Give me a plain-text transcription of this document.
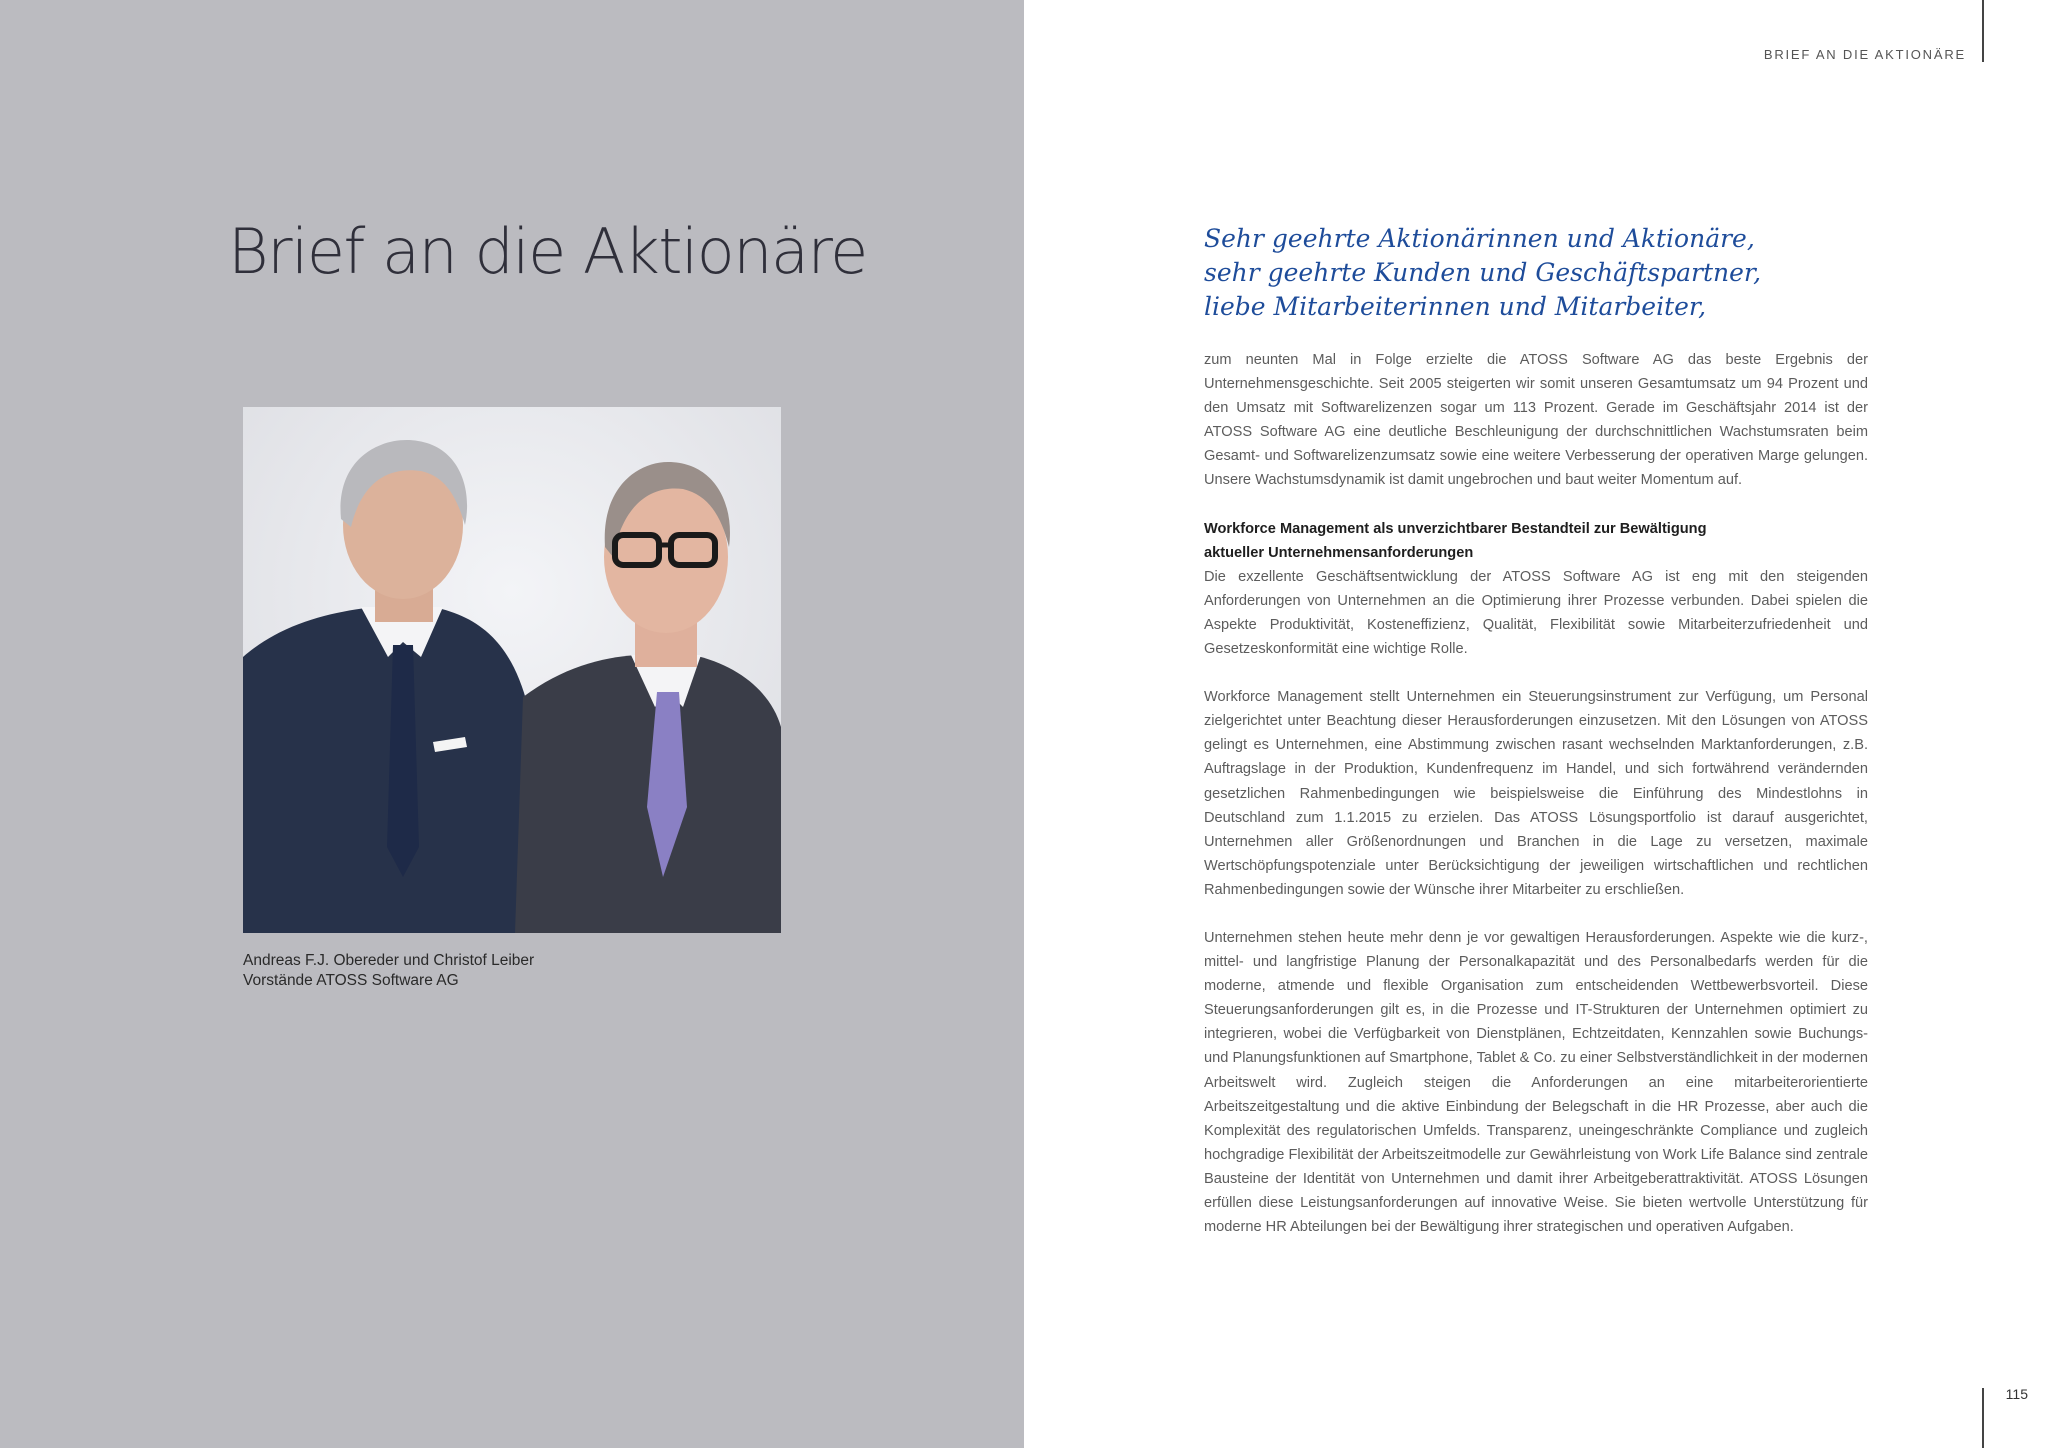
Brief an die Aktionäre
Andreas F.J. Obereder und Christof Leiber
Vorstände ATOSS Software AG
BRIEF AN DIE AKTIONÄRE
Sehr geehrte Aktionärinnen und Aktionäre,
sehr geehrte Kunden und Geschäftspartner,
liebe Mitarbeiterinnen und Mitarbeiter,

zum neunten Mal in Folge erzielte die ATOSS Software AG das beste Ergebnis der Unternehmensgeschichte. Seit 2005 steigerten wir somit unseren Gesamtumsatz um 94 Prozent und den Umsatz mit Softwarelizenzen sogar um 113 Prozent. Gerade im Geschäftsjahr 2014 ist der ATOSS Software AG eine deutliche Beschleunigung der durchschnittlichen Wachstumsraten beim Gesamt- und Softwarelizenzumsatz sowie eine weitere Verbesserung der operativen Marge gelungen. Unsere Wachstumsdynamik ist damit ungebrochen und baut weiter Momentum auf.

Workforce Management als unverzichtbarer Bestandteil zur Bewältigung
aktueller Unternehmensanforderungen

Die exzellente Geschäftsentwicklung der ATOSS Software AG ist eng mit den steigenden Anforderungen von Unternehmen an die Optimierung ihrer Prozesse verbunden. Dabei spielen die Aspekte Produktivität, Kosteneffizienz, Qualität, Flexibilität sowie Mitarbeiterzufriedenheit und Gesetzeskonformität eine wichtige Rolle.

Workforce Management stellt Unternehmen ein Steuerungsinstrument zur Verfügung, um Personal zielgerichtet unter Beachtung dieser Herausforderungen einzusetzen. Mit den Lösungen von ATOSS gelingt es Unternehmen, eine Abstimmung zwischen rasant wechselnden Marktanforderungen, z.B. Auftragslage in der Produktion, Kundenfrequenz im Handel, und sich fortwährend verändernden gesetzlichen Rahmenbedingungen wie beispielsweise die Einführung des Mindestlohns in Deutschland zum 1.1.2015 zu erzielen. Das ATOSS Lösungsportfolio ist darauf ausgerichtet, Unternehmen aller Größenordnungen und Branchen in die Lage zu versetzen, maximale Wertschöpfungspotenziale unter Berücksichtigung der jeweiligen wirtschaftlichen und rechtlichen Rahmenbedingungen sowie der Wünsche ihrer Mitarbeiter zu erschließen.

Unternehmen stehen heute mehr denn je vor gewaltigen Herausforderungen. Aspekte wie die kurz-, mittel- und langfristige Planung der Personalkapazität und des Personalbedarfs werden für die moderne, atmende und flexible Organisation zum entscheidenden Wettbewerbsvorteil. Diese Steuerungsanforderungen gilt es, in die Prozesse und IT-Strukturen der Unternehmen optimiert zu integrieren, wobei die Verfügbarkeit von Dienstplänen, Echtzeitdaten, Kennzahlen sowie Buchungs- und Planungsfunktionen auf Smartphone, Tablet & Co. zu einer Selbstverständlichkeit in der modernen Arbeitswelt wird. Zugleich steigen die Anforderungen an eine mitarbeiterorientierte Arbeitszeitgestaltung und die aktive Einbindung der Belegschaft in die HR Prozesse, aber auch die Komplexität des regulatorischen Umfelds. Transparenz, uneingeschränkte Compliance und zugleich hochgradige Flexibilität der Arbeitszeitmodelle zur Gewährleistung von Work Life Balance sind zentrale Bausteine der Identität von Unternehmen und damit ihrer Arbeitgeberattraktivität. ATOSS Lösungen erfüllen diese Leistungsanforderungen auf innovative Weise. Sie bieten wertvolle Unterstützung für moderne HR Abteilungen bei der Bewältigung ihrer strategischen und operativen Aufgaben.

115
